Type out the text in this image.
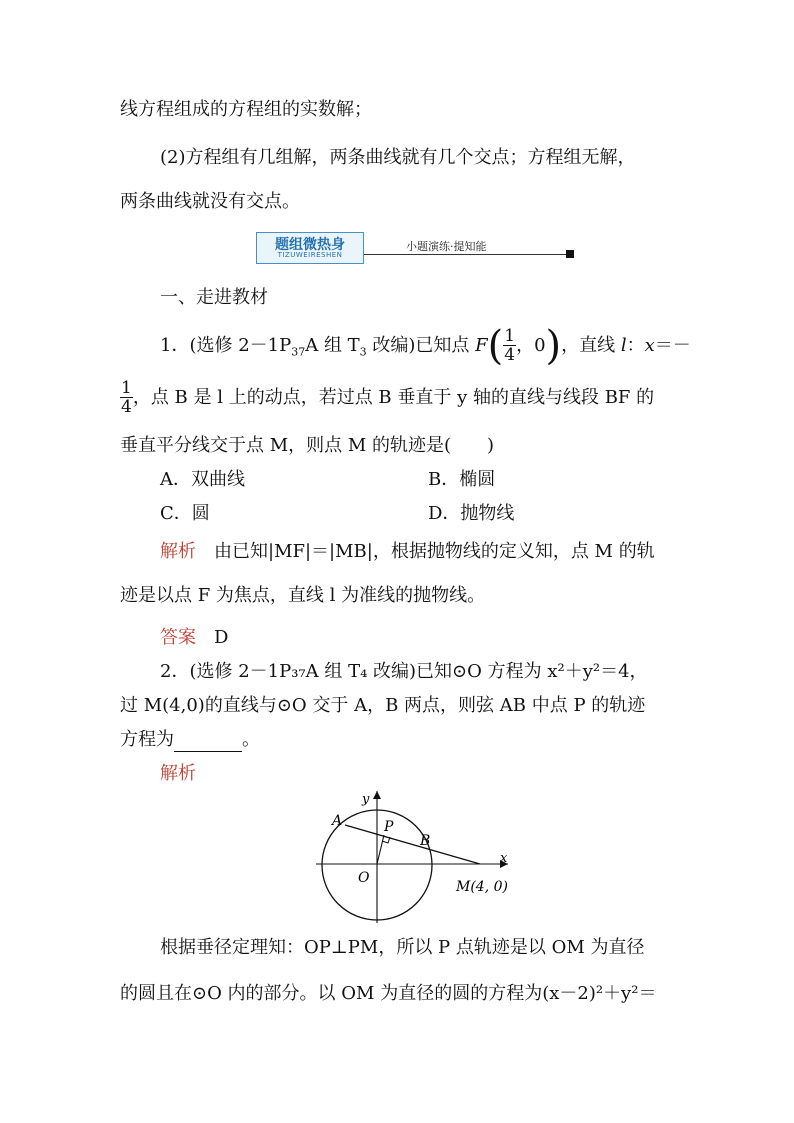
线方程组成的方程组的实数解；
(2)方程组有几组解，两条曲线就有几个交点；方程组无解，
两条曲线就没有交点。
题组微热身
TIZUWEIRESHEN
小题演练·提知能
一、走进教材
1．(选修 $2-1P_{37}A$ 组 $T_3$ 改编)已知点 $F( \frac{1}{4}$ ，0)，直线 l：x＝－
$\frac{1}{4}$ ，点 B 是 l 上的动点，若过点 B 垂直于 y 轴的直线与线段 BF 的
垂直平分线交于点 M，则点 M 的轨迹是(　　)
A．双曲线	B．椭圆
C．圆	D．抛物线
解析　由已知|MF|＝|MB|，根据抛物线的定义知，点 M 的轨
迹是以点 F 为焦点，直线 l 为准线的抛物线。
答案　D
2．(选修 2－1P₃₇A 组 T₄ 改编)已知⊙O 方程为 x²＋y²＝4，
过 M(4,0)的直线与⊙O 交于 A，B 两点，则弦 AB 中点 P 的轨迹
方程为	。
解析
A
B
P
O
x
y
M(4, 0)
根据垂径定理知：OP⊥PM，所以 P 点轨迹是以 OM 为直径
的圆且在⊙O 内的部分。以 OM 为直径的圆的方程为(x－2)²＋y²＝
